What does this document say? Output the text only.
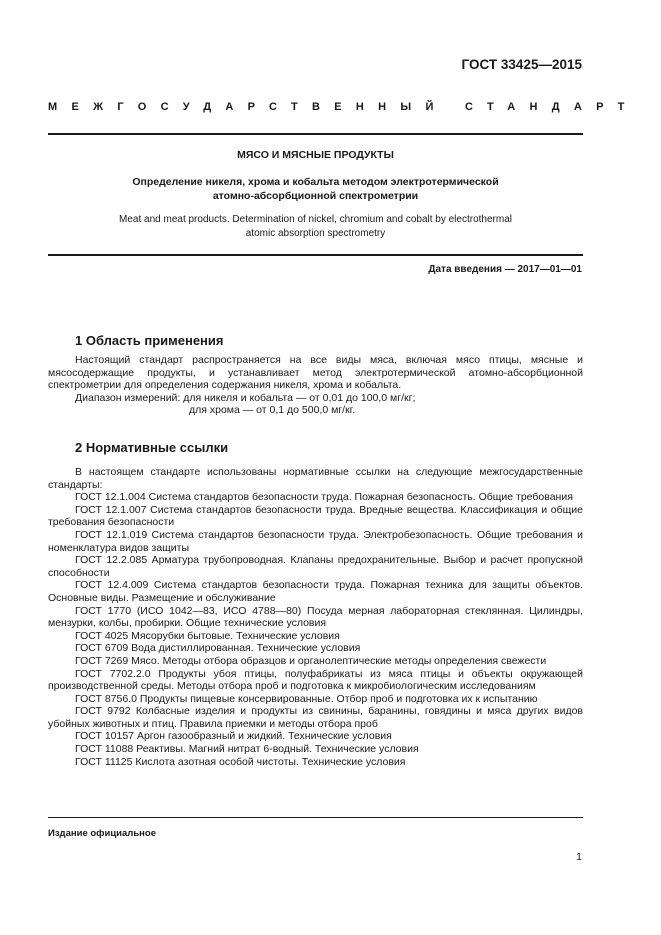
ГОСТ 33425—2015
МЕЖГОСУДАРСТВЕННЫЙ СТАНДАРТ
МЯСО И МЯСНЫЕ ПРОДУКТЫ
Определение никеля, хрома и кобальта методом электротермической
атомно-абсорбционной спектрометрии
Meat and meat products. Determination of nickel, chromium and cobalt by electrothermal
atomic absorption spectrometry
Дата введения — 2017—01—01
1 Область применения

Настоящий стандарт распространяется на все виды мяса, включая мясо птицы, мясные и мясосодержащие продукты, и устанавливает метод электротермической атомно-абсорбционной спектрометрии для определения содержания никеля, хрома и кобальта.

Диапазон измерений: для никеля и кобальта — от 0,01 до 100,0 мг/кг;

для хрома — от 0,1 до 500,0 мг/кг.

2 Нормативные ссылки

В настоящем стандарте использованы нормативные ссылки на следующие межгосударственные стандарты:

ГОСТ 12.1.004 Система стандартов безопасности труда. Пожарная безопасность. Общие требования

ГОСТ 12.1.007 Система стандартов безопасности труда. Вредные вещества. Классификация и общие требования безопасности

ГОСТ 12.1.019 Система стандартов безопасности труда. Электробезопасность. Общие требования и номенклатура видов защиты

ГОСТ 12.2.085 Арматура трубопроводная. Клапаны предохранительные. Выбор и расчет пропускной способности

ГОСТ 12.4.009 Система стандартов безопасности труда. Пожарная техника для защиты объектов. Основные виды. Размещение и обслуживание

ГОСТ 1770 (ИСО 1042—83, ИСО 4788—80) Посуда мерная лабораторная стеклянная. Цилиндры, мензурки, колбы, пробирки. Общие технические условия

ГОСТ 4025 Мясорубки бытовые. Технические условия

ГОСТ 6709 Вода дистиллированная. Технические условия

ГОСТ 7269 Мясо. Методы отбора образцов и органолептические методы определения свежести

ГОСТ 7702.2.0 Продукты убоя птицы, полуфабрикаты из мяса птицы и объекты окружающей производственной среды. Методы отбора проб и подготовка к микробиологическим исследованиям

ГОСТ 8756.0 Продукты пищевые консервированные. Отбор проб и подготовка их к испытанию

ГОСТ 9792 Колбасные изделия и продукты из свинины, баранины, говядины и мяса других видов убойных животных и птиц. Правила приемки и методы отбора проб

ГОСТ 10157 Аргон газообразный и жидкий. Технические условия

ГОСТ 11088 Реактивы. Магний нитрат 6-водный. Технические условия

ГОСТ 11125 Кислота азотная особой чистоты. Технические условия

Издание официальное
1
